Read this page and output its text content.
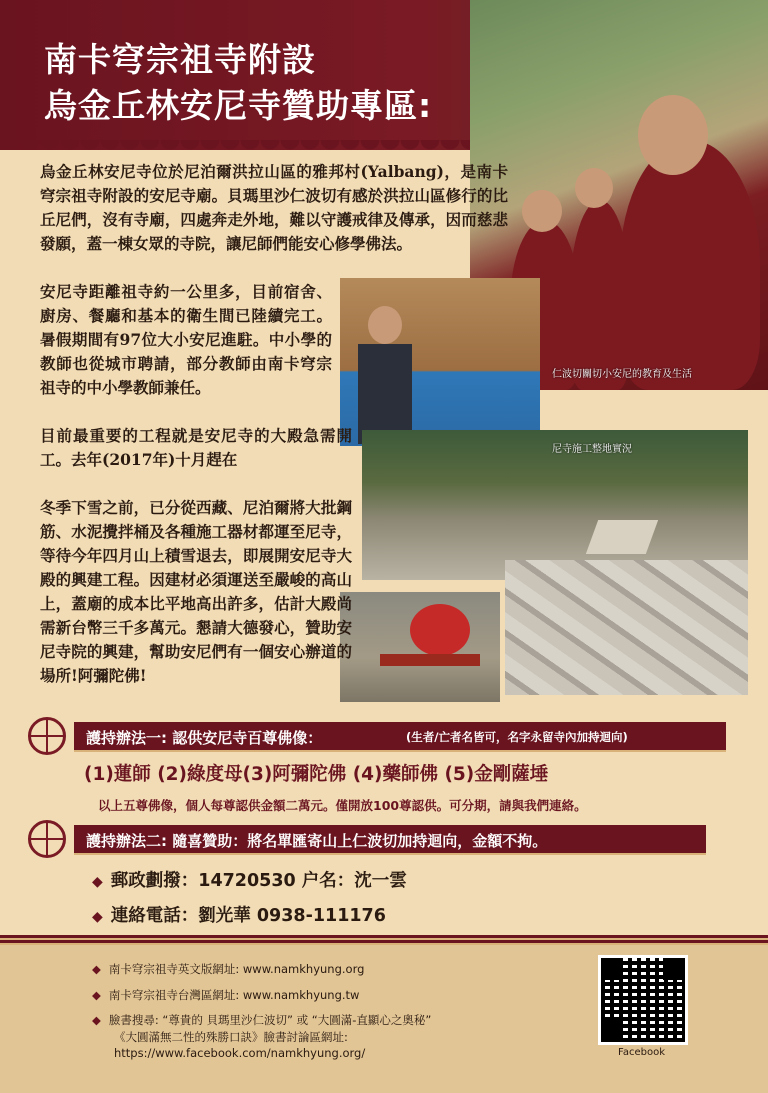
南卡穹宗祖寺附設
烏金丘林安尼寺贊助專區:
仁波切關切小安尼的教育及生活
尼寺施工整地實況
烏金丘林安尼寺位於尼泊爾洪拉山區的雅邦村(Yalbang)，是南卡穹宗祖寺附設的安尼寺廟。貝瑪里沙仁波切有感於洪拉山區修行的比丘尼們，沒有寺廟，四處奔走外地，難以守護戒律及傳承，因而慈悲發願，蓋一棟女眾的寺院，讓尼師們能安心修學佛法。
安尼寺距離祖寺約一公里多，目前宿舍、廚房、餐廳和基本的衛生間已陸續完工。暑假期間有97位大小安尼進駐。中小學的教師也從城市聘請，部分教師由南卡穹宗祖寺的中小學教師兼任。
目前最重要的工程就是安尼寺的大殿急需開工。去年(2017年)十月趕在
冬季下雪之前，已分從西藏、尼泊爾將大批鋼筋、水泥攪拌桶及各種施工器材都運至尼寺，等待今年四月山上積雪退去，即展開安尼寺大殿的興建工程。因建材必須運送至嚴峻的高山上，蓋廟的成本比平地高出許多，估計大殿尚需新台幣三千多萬元。懇請大德發心，贊助安尼寺院的興建，幫助安尼們有一個安心辦道的場所!阿彌陀佛!
護持辦法一: 認供安尼寺百尊佛像：	(生者/亡者名皆可，名字永留寺內加持迴向)
(1)蓮師 (2)綠度母(3)阿彌陀佛 (4)藥師佛 (5)金剛薩埵
以上五尊佛像，個人每尊認供金額二萬元。僅開放100尊認供。可分期，請與我們連絡。
護持辦法二: 隨喜贊助：將名單匯寄山上仁波切加持迴向，金額不拘。
◆ 郵政劃撥：14720530 户名：沈一雲
◆ 連絡電話：劉光華 0938-111176
◆ 南卡穹宗祖寺英文版網址: www.namkhyung.org
◆ 南卡穹宗祖寺台灣區網址: www.namkhyung.tw
◆ 臉書搜尋: “尊貴的 貝瑪里沙仁波切” 或 “大圓滿-直顯心之奧秘”
《大圓滿無二性的殊勝口訣》臉書討論區網址:
https://www.facebook.com/namkhyung.org/	Facebook
